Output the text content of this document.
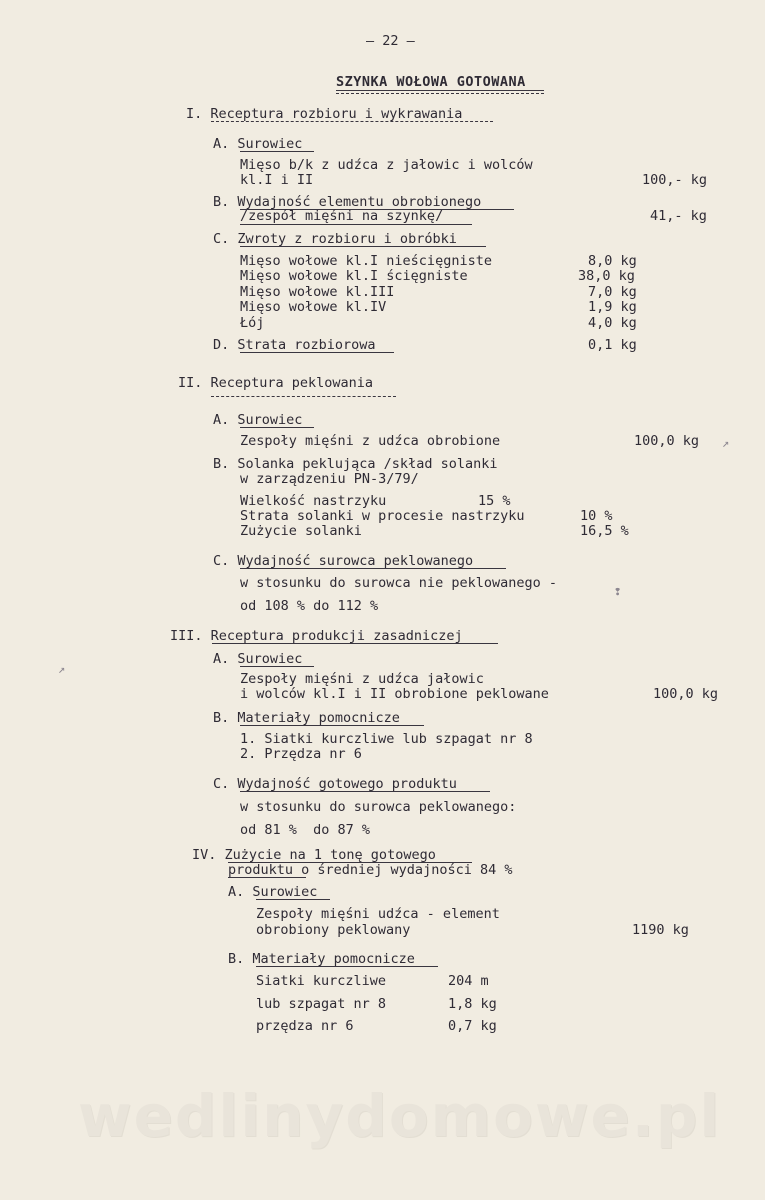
wedlinydomowe.pl
– 22 –
SZYNKA WOŁOWA GOTOWANA
I. Receptura rozbioru i wykrawania
A. Surowiec
Mięso b/k z udźca z jałowic i wolców
kl.I i II	100,- kg
B. Wydajność elementu obrobionego
/zespół mięśni na szynkę/	41,- kg
C. Zwroty z rozbioru i obróbki
Mięso wołowe kl.I nieścięgniste	8,0 kg
Mięso wołowe kl.I ścięgniste	38,0 kg
Mięso wołowe kl.III	7,0 kg
Mięso wołowe kl.IV	1,9 kg
Łój	4,0 kg
D. Strata rozbiorowa	0,1 kg
II. Receptura peklowania
A. Surowiec
Zespoły mięśni z udźca obrobione	100,0 kg
B. Solanka peklująca /skład solanki
w zarządzeniu PN-3/79/
Wielkość nastrzyku	15 %
Strata solanki w procesie nastrzyku	10 %
Zużycie solanki	16,5 %
C. Wydajność surowca peklowanego
w stosunku do surowca nie peklowanego -
od 108 % do 112 %
III. Receptura produkcji zasadniczej
A. Surowiec
Zespoły mięśni z udźca jałowic
i wolców kl.I i II obrobione peklowane	100,0 kg
B. Materiały pomocnicze
1. Siatki kurczliwe lub szpagat nr 8
2. Przędza nr 6
C. Wydajność gotowego produktu
w stosunku do surowca peklowanego:
od 81 %  do 87 %
IV. Zużycie na 1 tonę gotowego
produktu o średniej wydajności 84 %
A. Surowiec
Zespoły mięśni udźca - element
obrobiony peklowany	1190 kg
B. Materiały pomocnicze
Siatki kurczliwe	204 m
lub szpagat nr 8	1,8 kg
przędza nr 6	0,7 kg
↗
↗
❢
